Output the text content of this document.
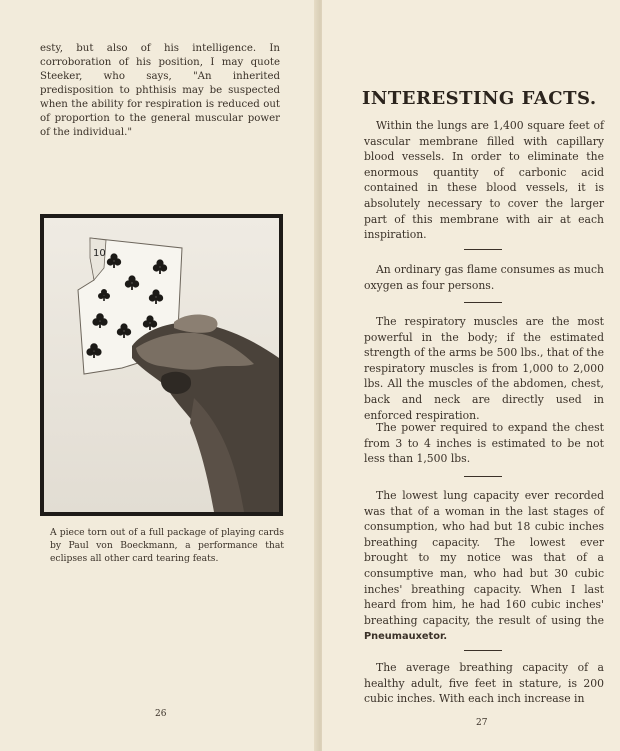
esty, but also of his intelligence. In corroboration of his position, I may quote Steeker, who says, "An inherited predisposition to phthisis may be suspected when the ability for respiration is reduced out of proportion to the general muscular power of the individual."
10
A piece torn out of a full package of playing cards by Paul von Boeckmann, a performance that eclipses all other card tearing feats.
26
INTERESTING FACTS.
Within the lungs are 1,400 square feet of vascular membrane filled with capillary blood vessels. In order to eliminate the enormous quantity of carbonic acid contained in these blood vessels, it is absolutely necessary to cover the larger part of this membrane with air at each inspiration.
An ordinary gas flame consumes as much oxygen as four persons.
The respiratory muscles are the most powerful in the body; if the estimated strength of the arms be 500 lbs., that of the respiratory muscles is from 1,000 to 2,000 lbs. All the muscles of the abdomen, chest, back and neck are directly used in enforced respiration.
The power required to expand the chest from 3 to 4 inches is estimated to be not less than 1,500 lbs.
The lowest lung capacity ever recorded was that of a woman in the last stages of consumption, who had but 18 cubic inches breathing capacity. The lowest ever brought to my notice was that of a consumptive man, who had but 30 cubic inches' breathing capacity. When I last heard from him, he had 160 cubic inches' breathing capacity, the result of using the Pneumauxetor.
The average breathing capacity of a healthy adult, five feet in stature, is 200 cubic inches. With each inch increase in
27
